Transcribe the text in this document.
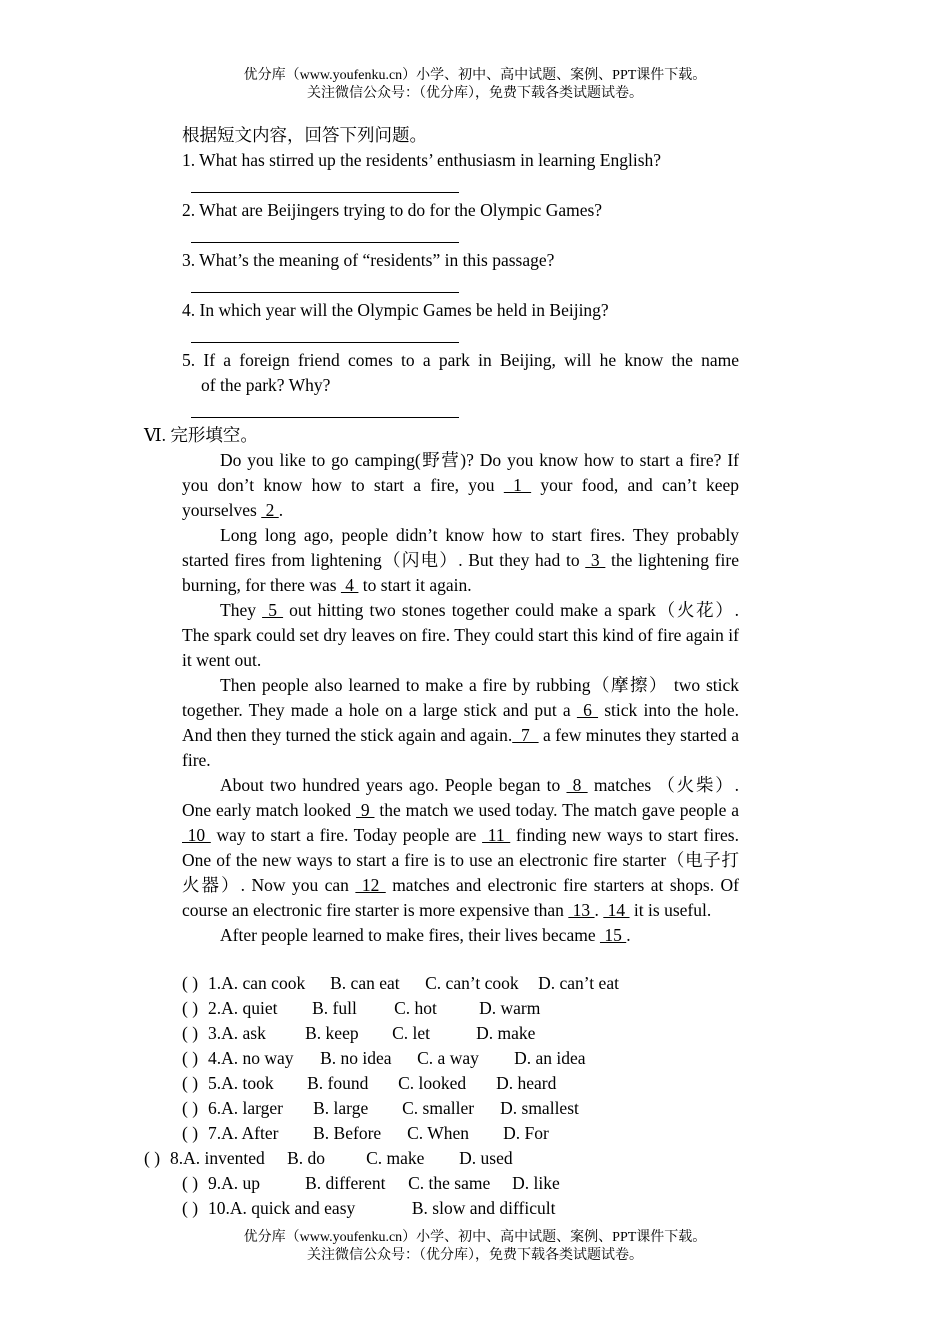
优分库（www.youfenku.cn）小学、初中、高中试题、案例、PPT课件下载。
关注微信公众号：（优分库），免费下载各类试题试卷。
根据短文内容，回答下列问题。
1. What has stirred up the residents’ enthusiasm in learning English?
2. What are Beijingers trying to do for the Olympic Games?
3. What’s the meaning of “residents” in this passage?
4. In which year will the Olympic Games be held in Beijing?
5. If a foreign friend comes to a park in Beijing, will he know the name
of the park? Why?
Ⅵ. 完形填空。
Do you like to go camping(野营)? Do you know how to start a fire? If you don’t know how to start a fire, you  1  your food, and can’t keep yourselves  2 .
Long long ago, people didn’t know how to start fires. They probably started fires from lightening（闪电）. But they had to  3  the lightening fire burning, for there was  4  to start it again.
They  5  out hitting two stones together could make a spark（火花）. The spark could set dry leaves on fire. They could start this kind of fire again if it went out.
Then people also learned to make a fire by rubbing（摩擦） two stick together. They made a hole on a large stick and put a  6  stick into the hole. And then they turned the stick again and again.  7   a few minutes they started a fire.
About two hundred years ago. People began to  8  matches （火柴）. One early match looked  9  the match we used today. The match gave people a  10  way to start a fire. Today people are  11  finding new ways to start fires. One of the new ways to start a fire is to use an electronic fire starter（电子打火器）. Now you can  12  matches and electronic fire starters at shops. Of course an electronic fire starter is more expensive than  13 .  14  it is useful.
After people learned to make fires, their lives became  15 .
( ) 1.A. can cook B. can eat C. can’t cook D. can’t eat
( ) 2.A. quiet B. full C. hot D. warm
( ) 3.A. ask B. keep C. let	D. make
( ) 4.A. no way B. no idea C. a way D. an idea
( ) 5.A. took B. found C. looked D. heard
( ) 6.A. larger B. large C. smaller D. smallest
( ) 7.A. After B. Before C. When D. For
( ) 8.A. invented B. do C. make D. used
( ) 9.A. up	B. different C. the same D. like
( ) 10.A. quick and easy	B. slow and difficult
优分库（www.youfenku.cn）小学、初中、高中试题、案例、PPT课件下载。
关注微信公众号：（优分库），免费下载各类试题试卷。
